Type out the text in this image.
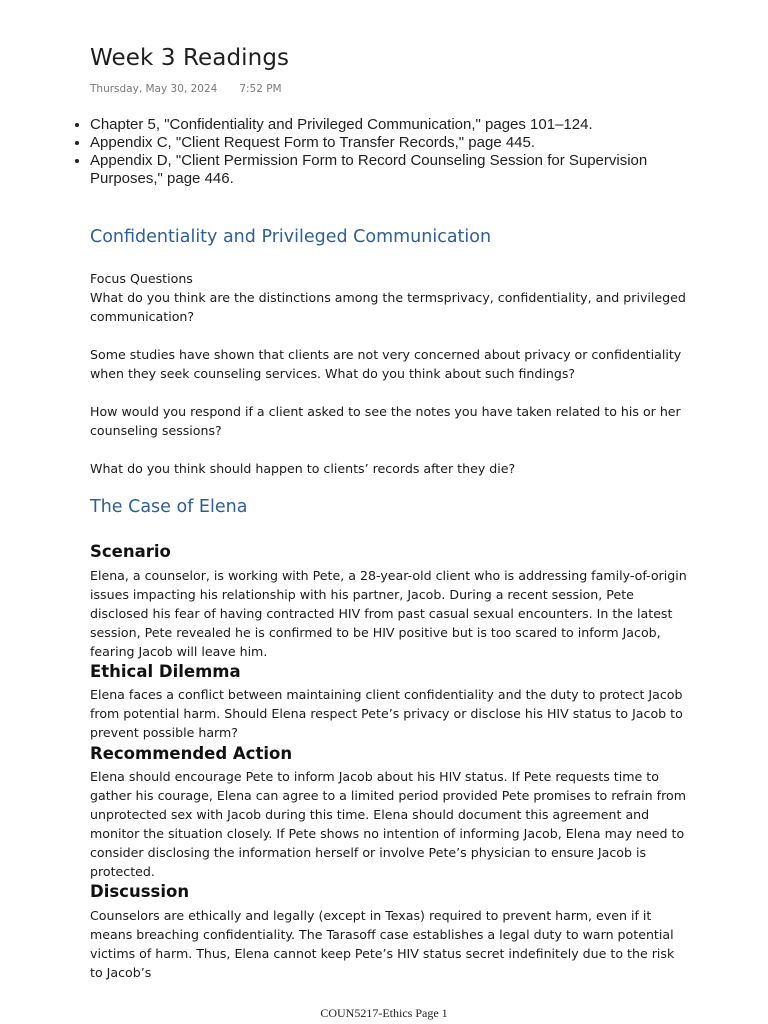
Week 3 Readings
Thursday, May 30, 2024 7:52 PM
• Chapter 5, "Confidentiality and Privileged Communication," pages 101–124.
• Appendix C, "Client Request Form to Transfer Records," page 445.
• Appendix D, "Client Permission Form to Record Counseling Session for Supervision Purposes," page 446.
Confidentiality and Privileged Communication

Focus Questions

What do you think are the distinctions among the termsprivacy, confidentiality, and privileged communication?

Some studies have shown that clients are not very concerned about privacy or confidentiality when they seek counseling services. What do you think about such findings?

How would you respond if a client asked to see the notes you have taken related to his or her counseling sessions?

What do you think should happen to clients’ records after they die?

The Case of Elena
Scenario

Elena, a counselor, is working with Pete, a 28-year-old client who is addressing family-of-origin issues impacting his relationship with his partner, Jacob. During a recent session, Pete disclosed his fear of having contracted HIV from past casual sexual encounters. In the latest session, Pete revealed he is confirmed to be HIV positive but is too scared to inform Jacob, fearing Jacob will leave him.

Ethical Dilemma

Elena faces a conflict between maintaining client confidentiality and the duty to protect Jacob from potential harm. Should Elena respect Pete’s privacy or disclose his HIV status to Jacob to prevent possible harm?

Recommended Action

Elena should encourage Pete to inform Jacob about his HIV status. If Pete requests time to gather his courage, Elena can agree to a limited period provided Pete promises to refrain from unprotected sex with Jacob during this time. Elena should document this agreement and monitor the situation closely. If Pete shows no intention of informing Jacob, Elena may need to consider disclosing the information herself or involve Pete’s physician to ensure Jacob is protected.

Discussion

Counselors are ethically and legally (except in Texas) required to prevent harm, even if it means breaching confidentiality. The Tarasoff case establishes a legal duty to warn potential victims of harm. Thus, Elena cannot keep Pete’s HIV status secret indefinitely due to the risk to Jacob’s

COUN5217-Ethics Page 1
